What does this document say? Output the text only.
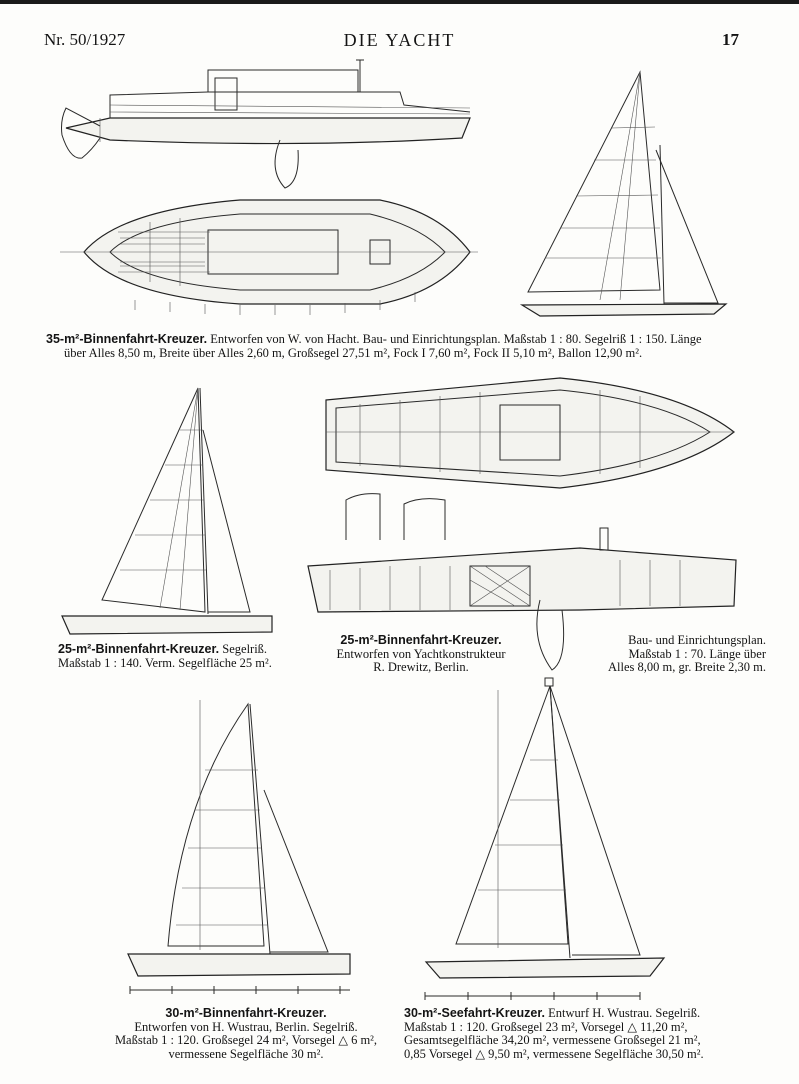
Nr. 50/1927	DIE YACHT	17
35-m²-Binnenfahrt-Kreuzer. Entworfen von W. von Hacht. Bau- und Einrichtungsplan. Maßstab 1 : 80. Segelriß 1 : 150. Länge
über Alles 8,50 m, Breite über Alles 2,60 m, Großsegel 27,51 m², Fock I 7,60 m², Fock II 5,10 m², Ballon 12,90 m².
25-m²-Binnenfahrt-Kreuzer. Segelriß.
Maßstab 1 : 140. Verm. Segelfläche 25 m².
25-m²-Binnenfahrt-Kreuzer.
Entworfen von Yachtkonstrukteur
R. Drewitz, Berlin.
Bau- und Einrichtungsplan.
Maßstab 1 : 70. Länge über
Alles 8,00 m, gr. Breite 2,30 m.
30-m²-Binnenfahrt-Kreuzer.
Entworfen von H. Wustrau, Berlin. Segelriß.
Maßstab 1 : 120. Großsegel 24 m², Vorsegel △ 6 m²,
vermessene Segelfläche 30 m².
30-m²-Seefahrt-Kreuzer. Entwurf H. Wustrau. Segelriß.
Maßstab 1 : 120. Großsegel 23 m², Vorsegel △ 11,20 m²,
Gesamtsegelfläche 34,20 m², vermessene Großsegel 21 m²,
0,85 Vorsegel △ 9,50 m², vermessene Segelfläche 30,50 m².
